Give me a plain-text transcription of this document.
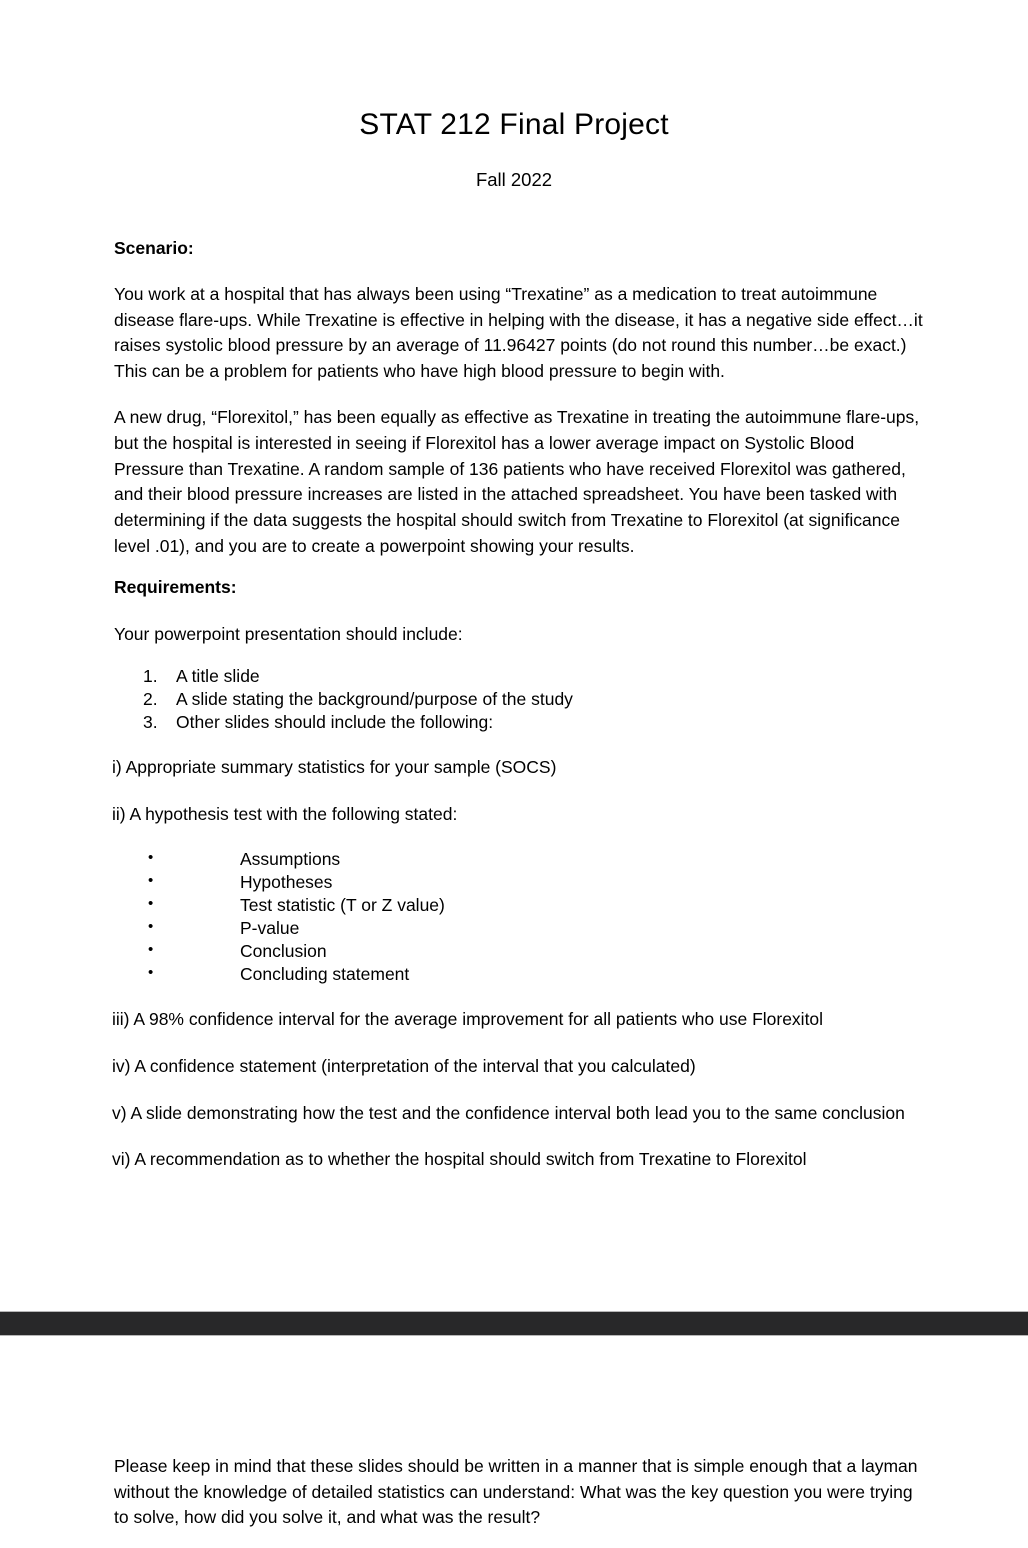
STAT 212 Final Project
Fall 2022
Scenario:

You work at a hospital that has always been using “Trexatine” as a medication to treat autoimmune disease flare-ups. While Trexatine is effective in helping with the disease, it has a negative side effect…it raises systolic blood pressure by an average of 11.96427 points (do not round this number…be exact.) This can be a problem for patients who have high blood pressure to begin with.

A new drug, “Florexitol,” has been equally as effective as Trexatine in treating the autoimmune flare-ups, but the hospital is interested in seeing if Florexitol has a lower average impact on Systolic Blood Pressure than Trexatine. A random sample of 136 patients who have received Florexitol was gathered, and their blood pressure increases are listed in the attached spreadsheet. You have been tasked with determining if the data suggests the hospital should switch from Trexatine to Florexitol (at significance level .01), and you are to create a powerpoint showing your results.

Requirements:

Your powerpoint presentation should include:

A title slide
A slide stating the background/purpose of the study
Other slides should include the following:

i) Appropriate summary statistics for your sample (SOCS)

ii) A hypothesis test with the following stated:

• Assumptions
• Hypotheses
• Test statistic (T or Z value)
• P-value
• Conclusion
• Concluding statement

iii) A 98% confidence interval for the average improvement for all patients who use Florexitol

iv) A confidence statement (interpretation of the interval that you calculated)

v) A slide demonstrating how the test and the confidence interval both lead you to the same conclusion

vi) A recommendation as to whether the hospital should switch from Trexatine to Florexitol

Please keep in mind that these slides should be written in a manner that is simple enough that a layman without the knowledge of detailed statistics can understand: What was the key question you were trying to solve, how did you solve it, and what was the result?
